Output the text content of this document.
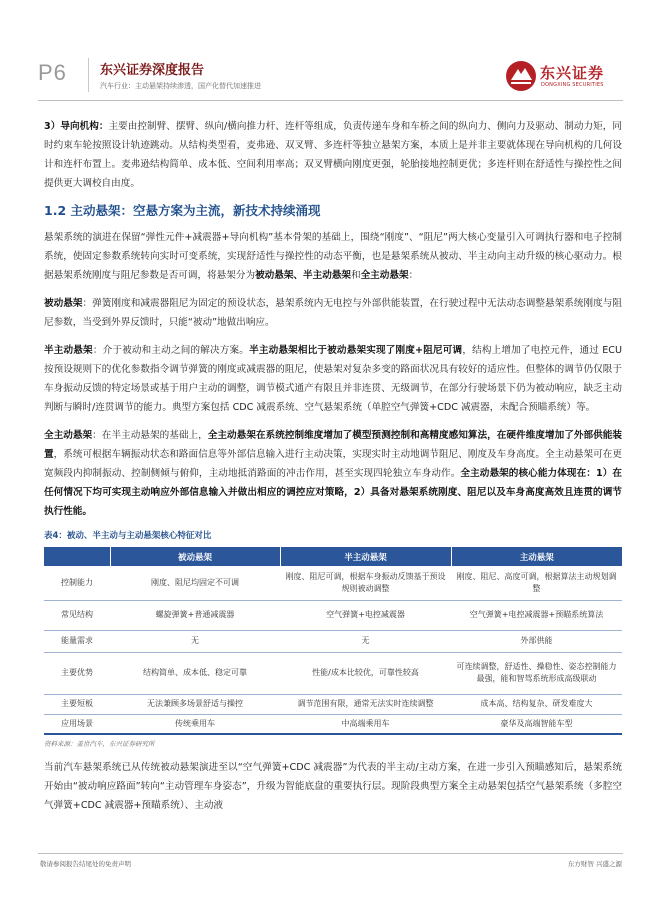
P6	东兴证券深度报告
汽车行业：主动悬架持续渗透，国产化替代加速推进
东兴证券
DONGXING SECURITIES

3）导向机构：主要由控制臂、摆臂、纵向/横向推力杆、连杆等组成，负责传递车身和车桥之间的纵向力、侧向力及驱动、制动力矩，同时约束车轮按照设计轨迹跳动。从结构类型看，麦弗逊、双叉臂、多连杆等独立悬架方案，本质上是并非主要就体现在导向机构的几何设计和连杆布置上。麦弗逊结构简单、成本低、空间利用率高；双叉臂横向刚度更强，轮胎接地控制更优；多连杆则在舒适性与操控性之间提供更大调校自由度。

1.2 主动悬架：空悬方案为主流，新技术持续涌现

悬架系统的演进在保留“弹性元件+减震器+导向机构”基本骨架的基础上，围绕“刚度”、“阻尼”两大核心变量引入可调执行器和电子控制系统，使固定参数系统转向实时可变系统，实现舒适性与操控性的动态平衡，也是悬架系统从被动、半主动向主动升级的核心驱动力。根据悬架系统刚度与阻尼参数是否可调，将悬架分为被动悬架、半主动悬架和全主动悬架：

被动悬架：弹簧刚度和减震器阻尼为固定的预设状态，悬架系统内无电控与外部供能装置，在行驶过程中无法动态调整悬架系统刚度与阻尼参数，当受到外界反馈时，只能“被动”地做出响应。

半主动悬架：介于被动和主动之间的解决方案。半主动悬架相比于被动悬架实现了刚度+阻尼可调，结构上增加了电控元件，通过 ECU 按预设规则下的优化参数指令调节弹簧的刚度或减震器的阻尼，使悬架对复杂多变的路面状况具有较好的适应性。但整体的调节仍仅限于车身振动反馈的特定场景或基于用户主动的调整，调节模式通产有限且并非连贯、无级调节，在部分行驶场景下仍为被动响应，缺乏主动判断与瞬时/连贯调节的能力。典型方案包括 CDC 减震系统、空气悬架系统（单腔空气弹簧+CDC 减震器，未配合预瞄系统）等。

全主动悬架：在半主动悬架的基础上，全主动悬架在系统控制维度增加了模型预测控制和高精度感知算法，在硬件维度增加了外部供能装置，系统可根据车辆振动状态和路面信息等外部信息输入进行主动决策，实现实时主动地调节阻尼、刚度及车身高度。全主动悬架可在更宽频段内抑制振动、控制侧倾与俯仰，主动地抵消路面的冲击作用，甚至实现四轮独立车身动作。全主动悬架的核心能力体现在：1）在任何情况下均可实现主动响应外部信息输入并做出相应的调控应对策略，2）具备对悬架系统刚度、阻尼以及车身高度高效且连贯的调节执行性能。

表4：被动、半主动与主动悬架核心特征对比
	被动悬架	半主动悬架	主动悬架
控制能力	刚度、阻尼均固定不可调	刚度、阻尼可调，根据车身振动反馈基于预设规则被动调整	刚度、阻尼、高度可调，根据算法主动规划调整
常见结构	螺旋弹簧+普通减震器	空气弹簧+电控减震器	空气弹簧+电控减震器+预瞄系统算法
能量需求	无	无	外部供能
主要优势	结构简单、成本低、稳定可靠	性能/成本比较优，可靠性较高	可连续调整，舒适性、操稳性、姿态控制能力最强，能和智驾系统形成高级联动
主要短板	无法兼顾多场景舒适与操控	调节范围有限，通常无法实时连续调整	成本高、结构复杂、研发难度大
应用场景	传统乘用车	中高端乘用车	豪华及高端智能车型
资料来源：盖世汽车，东兴证券研究所

当前汽车悬架系统已从传统被动悬架演进至以“空气弹簧+CDC 减震器”为代表的半主动/主动方案，在进一步引入预瞄感知后，悬架系统开始由“被动响应路面”转向“主动管理车身姿态”，升级为智能底盘的重要执行层。现阶段典型方案全主动悬架包括空气悬架系统（多腔空气弹簧+CDC 减震器+预瞄系统）、主动液

敬请参阅报告结尾处的免责声明	东方财智 兴盛之源
